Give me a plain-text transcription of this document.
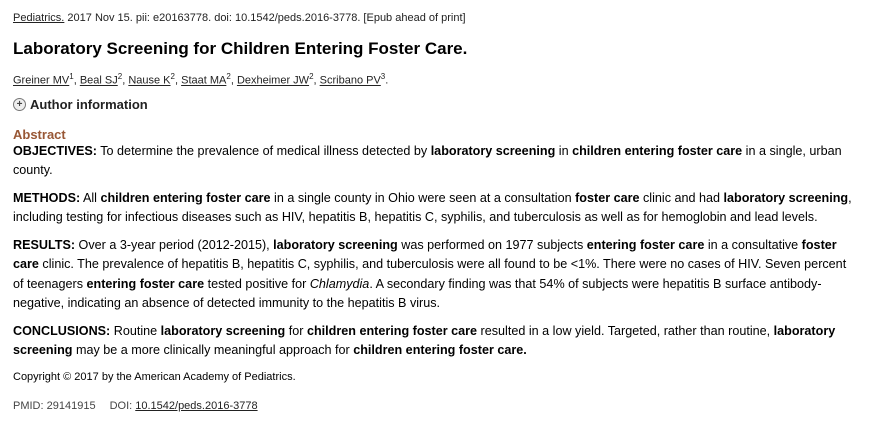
Pediatrics. 2017 Nov 15. pii: e20163778. doi: 10.1542/peds.2016-3778. [Epub ahead of print]
Laboratory Screening for Children Entering Foster Care.
Greiner $MV^1$, Beal $SJ^2$, Nause $K^2$, Staat $MA^2$, Dexheimer $JW^2$, Scribano $PV^3$.
+ Author information
Abstract

OBJECTIVES: To determine the prevalence of medical illness detected by laboratory screening in children entering foster care in a single, urban county.

METHODS: All children entering foster care in a single county in Ohio were seen at a consultation foster care clinic and had laboratory screening, including testing for infectious diseases such as HIV, hepatitis B, hepatitis C, syphilis, and tuberculosis as well as for hemoglobin and lead levels.

RESULTS: Over a 3-year period (2012-2015), laboratory screening was performed on 1977 subjects entering foster care in a consultative foster care clinic. The prevalence of hepatitis B, hepatitis C, syphilis, and tuberculosis were all found to be <1%. There were no cases of HIV. Seven percent of teenagers entering foster care tested positive for Chlamydia. A secondary finding was that 54% of subjects were hepatitis B surface antibody-negative, indicating an absence of detected immunity to the hepatitis B virus.

CONCLUSIONS: Routine laboratory screening for children entering foster care resulted in a low yield. Targeted, rather than routine, laboratory screening may be a more clinically meaningful approach for children entering foster care.

Copyright © 2017 by the American Academy of Pediatrics.
PMID: 29141915 DOI: 10.1542/peds.2016-3778
